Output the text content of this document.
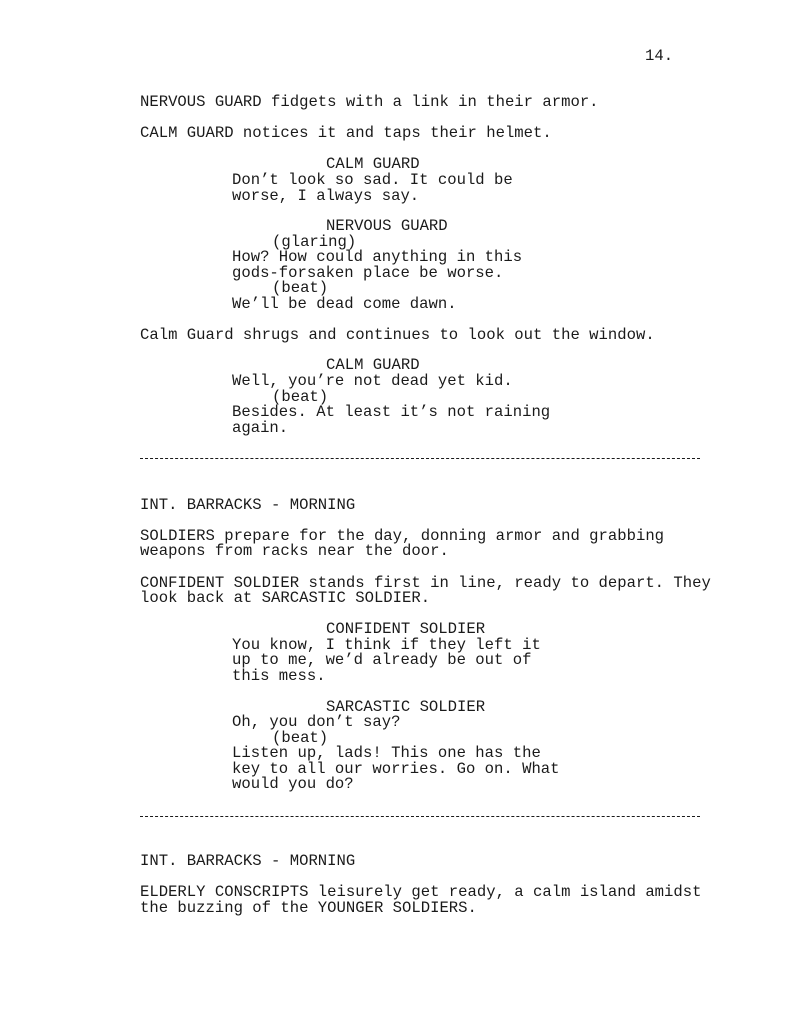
14.
NERVOUS GUARD fidgets with a link in their armor.
CALM GUARD notices it and taps their helmet.
CALM GUARD
Don’t look so sad. It could be
worse, I always say.
NERVOUS GUARD
(glaring)
How? How could anything in this
gods-forsaken place be worse.
(beat)
We’ll be dead come dawn.
Calm Guard shrugs and continues to look out the window.
CALM GUARD
Well, you’re not dead yet kid.
(beat)
Besides. At least it’s not raining
again.
INT. BARRACKS - MORNING
SOLDIERS prepare for the day, donning armor and grabbing
weapons from racks near the door.
CONFIDENT SOLDIER stands first in line, ready to depart. They
look back at SARCASTIC SOLDIER.
CONFIDENT SOLDIER
You know, I think if they left it
up to me, we’d already be out of
this mess.
SARCASTIC SOLDIER
Oh, you don’t say?
(beat)
Listen up, lads! This one has the
key to all our worries. Go on. What
would you do?
INT. BARRACKS - MORNING
ELDERLY CONSCRIPTS leisurely get ready, a calm island amidst
the buzzing of the YOUNGER SOLDIERS.
